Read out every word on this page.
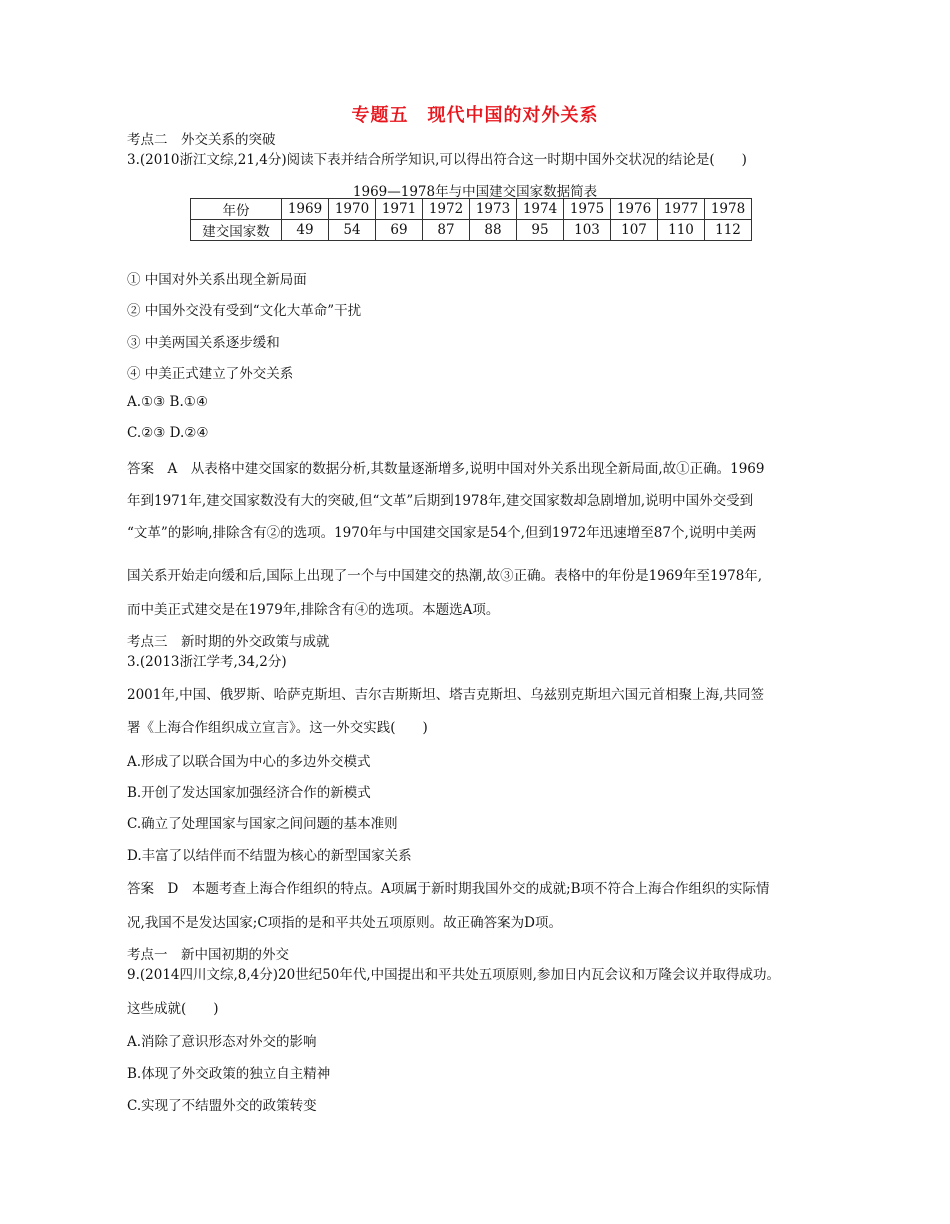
专题五　现代中国的对外关系
考点二　外交关系的突破
3.(2010浙江文综,21,4分)阅读下表并结合所学知识,可以得出符合这一时期中国外交状况的结论是(　　)
1969—1978年与中国建交国家数据简表
年份	1969	1970	1971	1972	1973	1974	1975	1976	1977	1978
建交国家数	49	54	69	87	88	95	103	107	110	112
① 中国对外关系出现全新局面
② 中国外交没有受到“文化大革命”干扰
③ 中美两国关系逐步缓和
④ 中美正式建立了外交关系
A.①③ B.①④
C.②③ D.②④
答案　A　从表格中建交国家的数据分析,其数量逐渐增多,说明中国对外关系出现全新局面,故①正确。1969
年到1971年,建交国家数没有大的突破,但“文革”后期到1978年,建交国家数却急剧增加,说明中国外交受到
“文革”的影响,排除含有②的选项。1970年与中国建交国家是54个,但到1972年迅速增至87个,说明中美两
国关系开始走向缓和后,国际上出现了一个与中国建交的热潮,故③正确。表格中的年份是1969年至1978年,
而中美正式建交是在1979年,排除含有④的选项。本题选A项。
考点三　新时期的外交政策与成就
3.(2013浙江学考,34,2分)
2001年,中国、俄罗斯、哈萨克斯坦、吉尔吉斯斯坦、塔吉克斯坦、乌兹别克斯坦六国元首相聚上海,共同签
署《上海合作组织成立宣言》。这一外交实践(　　)
A.形成了以联合国为中心的多边外交模式
B.开创了发达国家加强经济合作的新模式
C.确立了处理国家与国家之间问题的基本准则
D.丰富了以结伴而不结盟为核心的新型国家关系
答案　D　本题考查上海合作组织的特点。A项属于新时期我国外交的成就;B项不符合上海合作组织的实际情
况,我国不是发达国家;C项指的是和平共处五项原则。故正确答案为D项。
考点一　新中国初期的外交
9.(2014四川文综,8,4分)20世纪50年代,中国提出和平共处五项原则,参加日内瓦会议和万隆会议并取得成功。
这些成就(　　)
A.消除了意识形态对外交的影响
B.体现了外交政策的独立自主精神
C.实现了不结盟外交的政策转变
